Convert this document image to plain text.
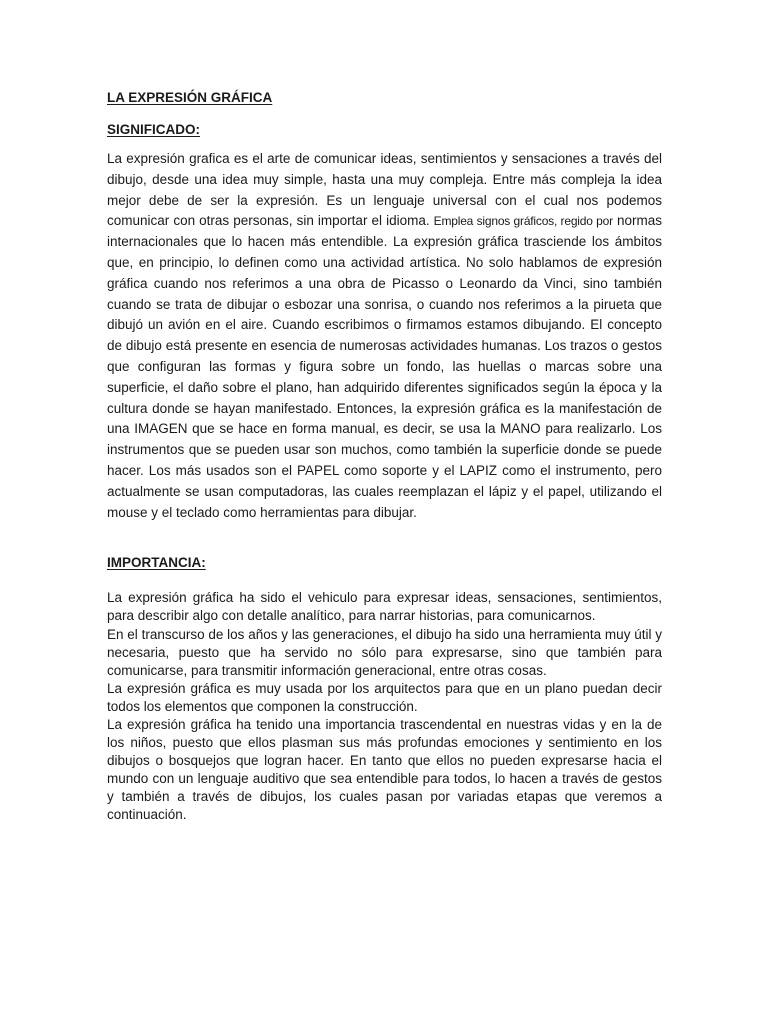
LA EXPRESIÓN GRÁFICA

SIGNIFICADO:

La expresión grafica es el arte de comunicar ideas, sentimientos y sensaciones a través del dibujo, desde una idea muy simple, hasta una muy compleja. Entre más compleja la idea mejor debe de ser la expresión. Es un lenguaje universal con el cual nos podemos comunicar con otras personas, sin importar el idioma. Emplea signos gráficos, regido por normas internacionales que lo hacen más entendible. La expresión gráfica trasciende los ámbitos que, en principio, lo definen como una actividad artística. No solo hablamos de expresión gráfica cuando nos referimos a una obra de Picasso o Leonardo da Vinci, sino también cuando se trata de dibujar o esbozar una sonrisa, o cuando nos referimos a la pirueta que dibujó un avión en el aire. Cuando escribimos o firmamos estamos dibujando. El concepto de dibujo está presente en esencia de numerosas actividades humanas. Los trazos o gestos que configuran las formas y figura sobre un fondo, las huellas o marcas sobre una superficie, el daño sobre el plano, han adquirido diferentes significados según la época y la cultura donde se hayan manifestado. Entonces, la expresión gráfica es la manifestación de una IMAGEN que se hace en forma manual, es decir, se usa la MANO para realizarlo. Los instrumentos que se pueden usar son muchos, como también la superficie donde se puede hacer. Los más usados son el PAPEL como soporte y el LAPIZ como el instrumento, pero actualmente se usan computadoras, las cuales reemplazan el lápiz y el papel, utilizando el mouse y el teclado como herramientas para dibujar.

IMPORTANCIA:

La expresión gráfica ha sido el vehiculo para expresar ideas, sensaciones, sentimientos, para describir algo con detalle analítico, para narrar historias, para comunicarnos.

En el transcurso de los años y las generaciones, el dibujo ha sido una herramienta muy útil y necesaria, puesto que ha servido no sólo para expresarse, sino que también para comunicarse, para transmitir información generacional, entre otras cosas.

La expresión gráfica es muy usada por los arquitectos para que en un plano puedan decir todos los elementos que componen la construcción.

La expresión gráfica ha tenido una importancia trascendental en nuestras vidas y en la de los niños, puesto que ellos plasman sus más profundas emociones y sentimiento en los dibujos o bosquejos que logran hacer. En tanto que ellos no pueden expresarse hacia el mundo con un lenguaje auditivo que sea entendible para todos, lo hacen a través de gestos y también a través de dibujos, los cuales pasan por variadas etapas que veremos a continuación.
